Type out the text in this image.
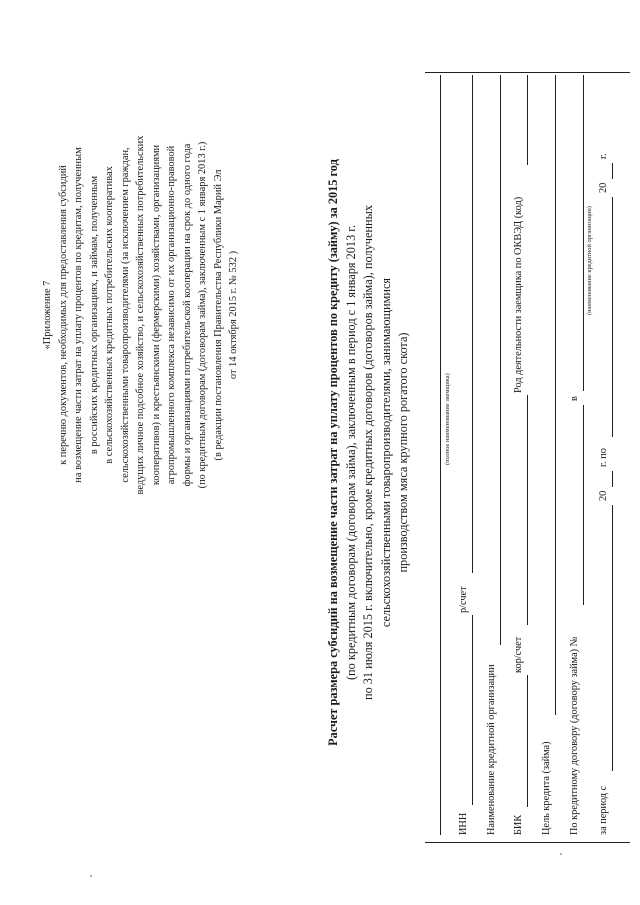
«Приложение 7 к перечню документов, необходимых для предоставления субсидий на возмещение части затрат на уплату процентов по кредитам, полученным в российских кредитных организациях, и займам, полученным в сельскохозяйственных кредитных потребительских кооперативах сельскохозяйственными товаропроизводителями (за исключением граждан, ведущих личное подсобное хозяйство, и сельскохозяйственных потребительских кооперативов) и крестьянскими (фермерскими) хозяйствами, организациями агропромышленного комплекса независимо от их организационно-правовой формы и организациями потребительской кооперации на срок до одного года (по кредитным договорам (договорам займа), заключенным с 1 января 2013 г.) (в редакции постановления Правительства Республики Марий Эл от 14 октября 2015 г. № 532 )	Расчет размера субсидий на возмещение части затрат на уплату процентов по кредиту (займу) за 2015 год (по кредитным договорам (договорам займа), заключенным в период с 1 января 2013 г. по 31 июля 2015 г. включительно, кроме кредитных договоров (договоров займа), полученных сельскохозяйственными товаропроизводителями, занимающимися производством мяса крупного рогатого скота)	(полное наименование заемщика)
ИНН
р/счет
Наименование кредитной организации БИК
кор/счет
Род деятельности заемщика по ОКВЭД (код)
Цель кредита (займа) По кредитному договору (договору займа) №
в
(наименование кредитной организации)
за период с
20
г. по
20
г.
